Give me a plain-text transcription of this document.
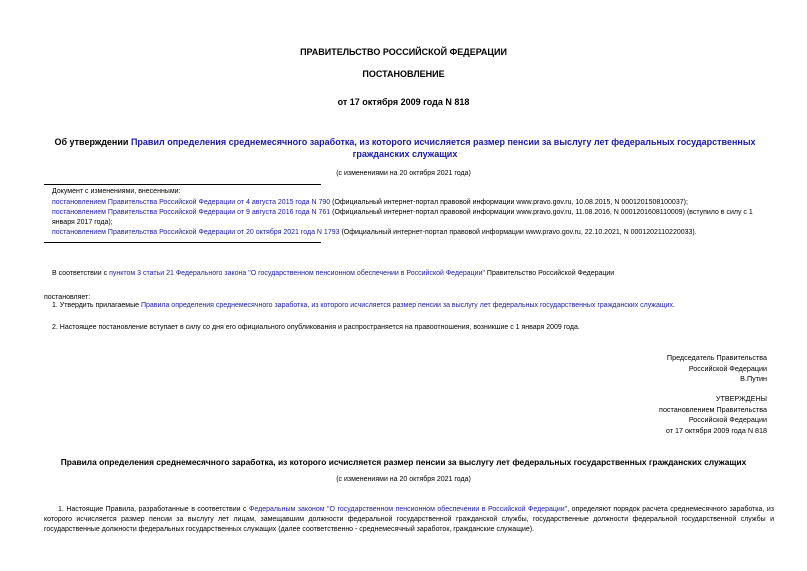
ПРАВИТЕЛЬСТВО РОССИЙСКОЙ ФЕДЕРАЦИИ
ПОСТАНОВЛЕНИЕ
от 17 октября 2009 года N 818
Об утверждении Правил определения среднемесячного заработка, из которого исчисляется размер пенсии за выслугу лет федеральных государственных гражданских служащих
(с изменениями на 20 октября 2021 года)
Документ с изменениями, внесенными:
постановлением Правительства Российской Федерации от 4 августа 2015 года N 790 (Официальный интернет-портал правовой информации www.pravo.gov.ru, 10.08.2015, N 0001201508100037);
постановлением Правительства Российской Федерации от 9 августа 2016 года N 761 (Официальный интернет-портал правовой информации www.pravo.gov.ru, 11.08.2016, N 0001201608110009) (вступило в силу с 1 января 2017 года);
постановлением Правительства Российской Федерации от 20 октября 2021 года N 1793 (Официальный интернет-портал правовой информации www.pravo.gov.ru, 22.10.2021, N 0001202110220033).
В соответствии с пунктом 3 статьи 21 Федерального закона "О государственном пенсионном обеспечении в Российской Федерации" Правительство Российской Федерации
постановляет:
1. Утвердить прилагаемые Правила определения среднемесячного заработка, из которого исчисляется размер пенсии за выслугу лет федеральных государственных гражданских служащих.
2. Настоящее постановление вступает в силу со дня его официального опубликования и распространяется на правоотношения, возникшие с 1 января 2009 года.
Председатель Правительства
Российской Федерации
В.Путин
УТВЕРЖДЕНЫ
постановлением Правительства
Российской Федерации
от 17 октября 2009 года N 818
Правила определения среднемесячного заработка, из которого исчисляется размер пенсии за выслугу лет федеральных государственных гражданских служащих
(с изменениями на 20 октября 2021 года)
1. Настоящие Правила, разработанные в соответствии с Федеральным законом "О государственном пенсионном обеспечении в Российской Федерации", определяют порядок расчета среднемесячного заработка, из которого исчисляется размер пенсии за выслугу лет лицам, замещавшим должности федеральной государственной гражданской службы, государственные должности федеральной государственной службы и государственные должности федеральных государственных служащих (далее соответственно - среднемесячный заработок, гражданские служащие).
